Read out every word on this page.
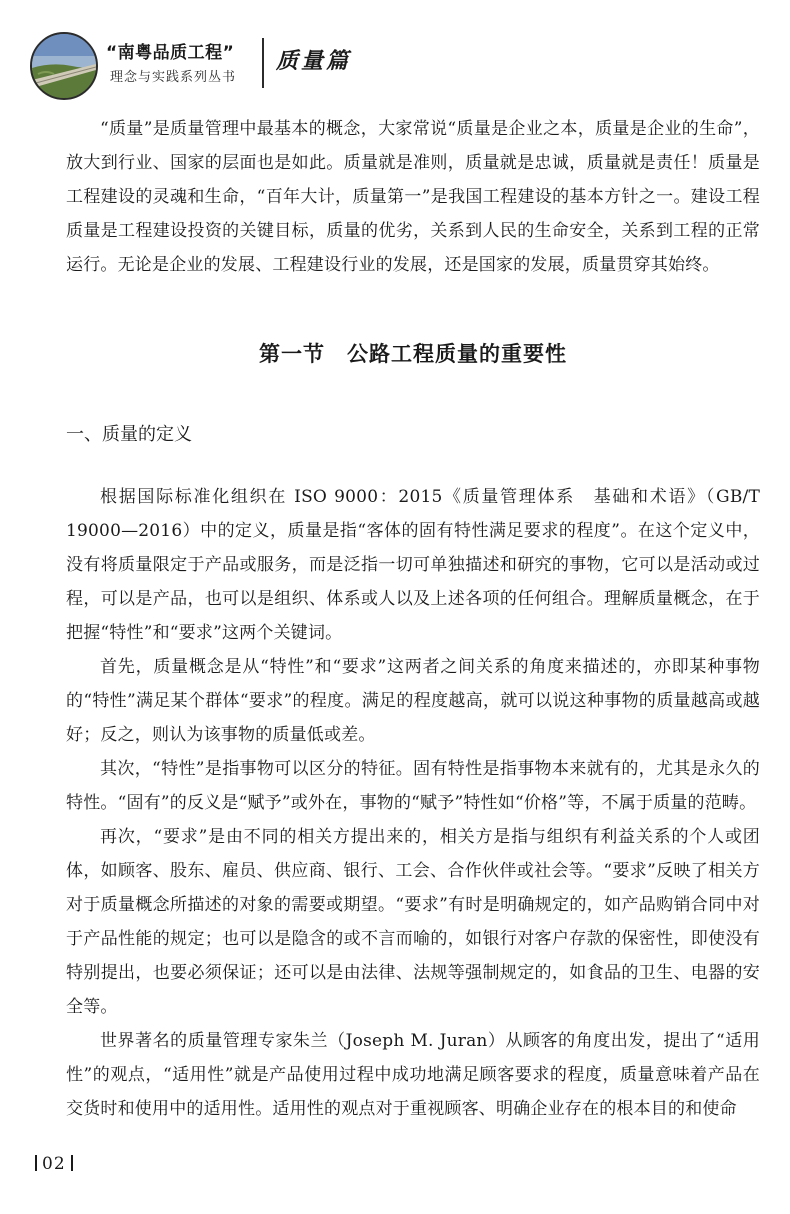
“南粤品质工程”
理念与实践系列丛书
质量篇

“质量”是质量管理中最基本的概念，大家常说“质量是企业之本，质量是企业的生命”，放大到行业、国家的层面也是如此。质量就是准则，质量就是忠诚，质量就是责任！质量是工程建设的灵魂和生命，“百年大计，质量第一”是我国工程建设的基本方针之一。建设工程质量是工程建设投资的关键目标，质量的优劣，关系到人民的生命安全，关系到工程的正常运行。无论是企业的发展、工程建设行业的发展，还是国家的发展，质量贯穿其始终。

第一节　公路工程质量的重要性
一、质量的定义

根据国际标准化组织在 ISO 9000：2015《质量管理体系　基础和术语》（GB/T 19000—2016）中的定义，质量是指“客体的固有特性满足要求的程度”。在这个定义中，没有将质量限定于产品或服务，而是泛指一切可单独描述和研究的事物，它可以是活动或过程，可以是产品，也可以是组织、体系或人以及上述各项的任何组合。理解质量概念，在于把握“特性”和“要求”这两个关键词。

首先，质量概念是从“特性”和“要求”这两者之间关系的角度来描述的，亦即某种事物的“特性”满足某个群体“要求”的程度。满足的程度越高，就可以说这种事物的质量越高或越好；反之，则认为该事物的质量低或差。

其次，“特性”是指事物可以区分的特征。固有特性是指事物本来就有的，尤其是永久的特性。“固有”的反义是“赋予”或外在，事物的“赋予”特性如“价格”等，不属于质量的范畴。

再次，“要求”是由不同的相关方提出来的，相关方是指与组织有利益关系的个人或团体，如顾客、股东、雇员、供应商、银行、工会、合作伙伴或社会等。“要求”反映了相关方对于质量概念所描述的对象的需要或期望。“要求”有时是明确规定的，如产品购销合同中对于产品性能的规定；也可以是隐含的或不言而喻的，如银行对客户存款的保密性，即使没有特别提出，也要必须保证；还可以是由法律、法规等强制规定的，如食品的卫生、电器的安全等。

世界著名的质量管理专家朱兰（Joseph M. Juran）从顾客的角度出发，提出了“适用性”的观点，“适用性”就是产品使用过程中成功地满足顾客要求的程度，质量意味着产品在交货时和使用中的适用性。适用性的观点对于重视顾客、明确企业存在的根本目的和使命

02
